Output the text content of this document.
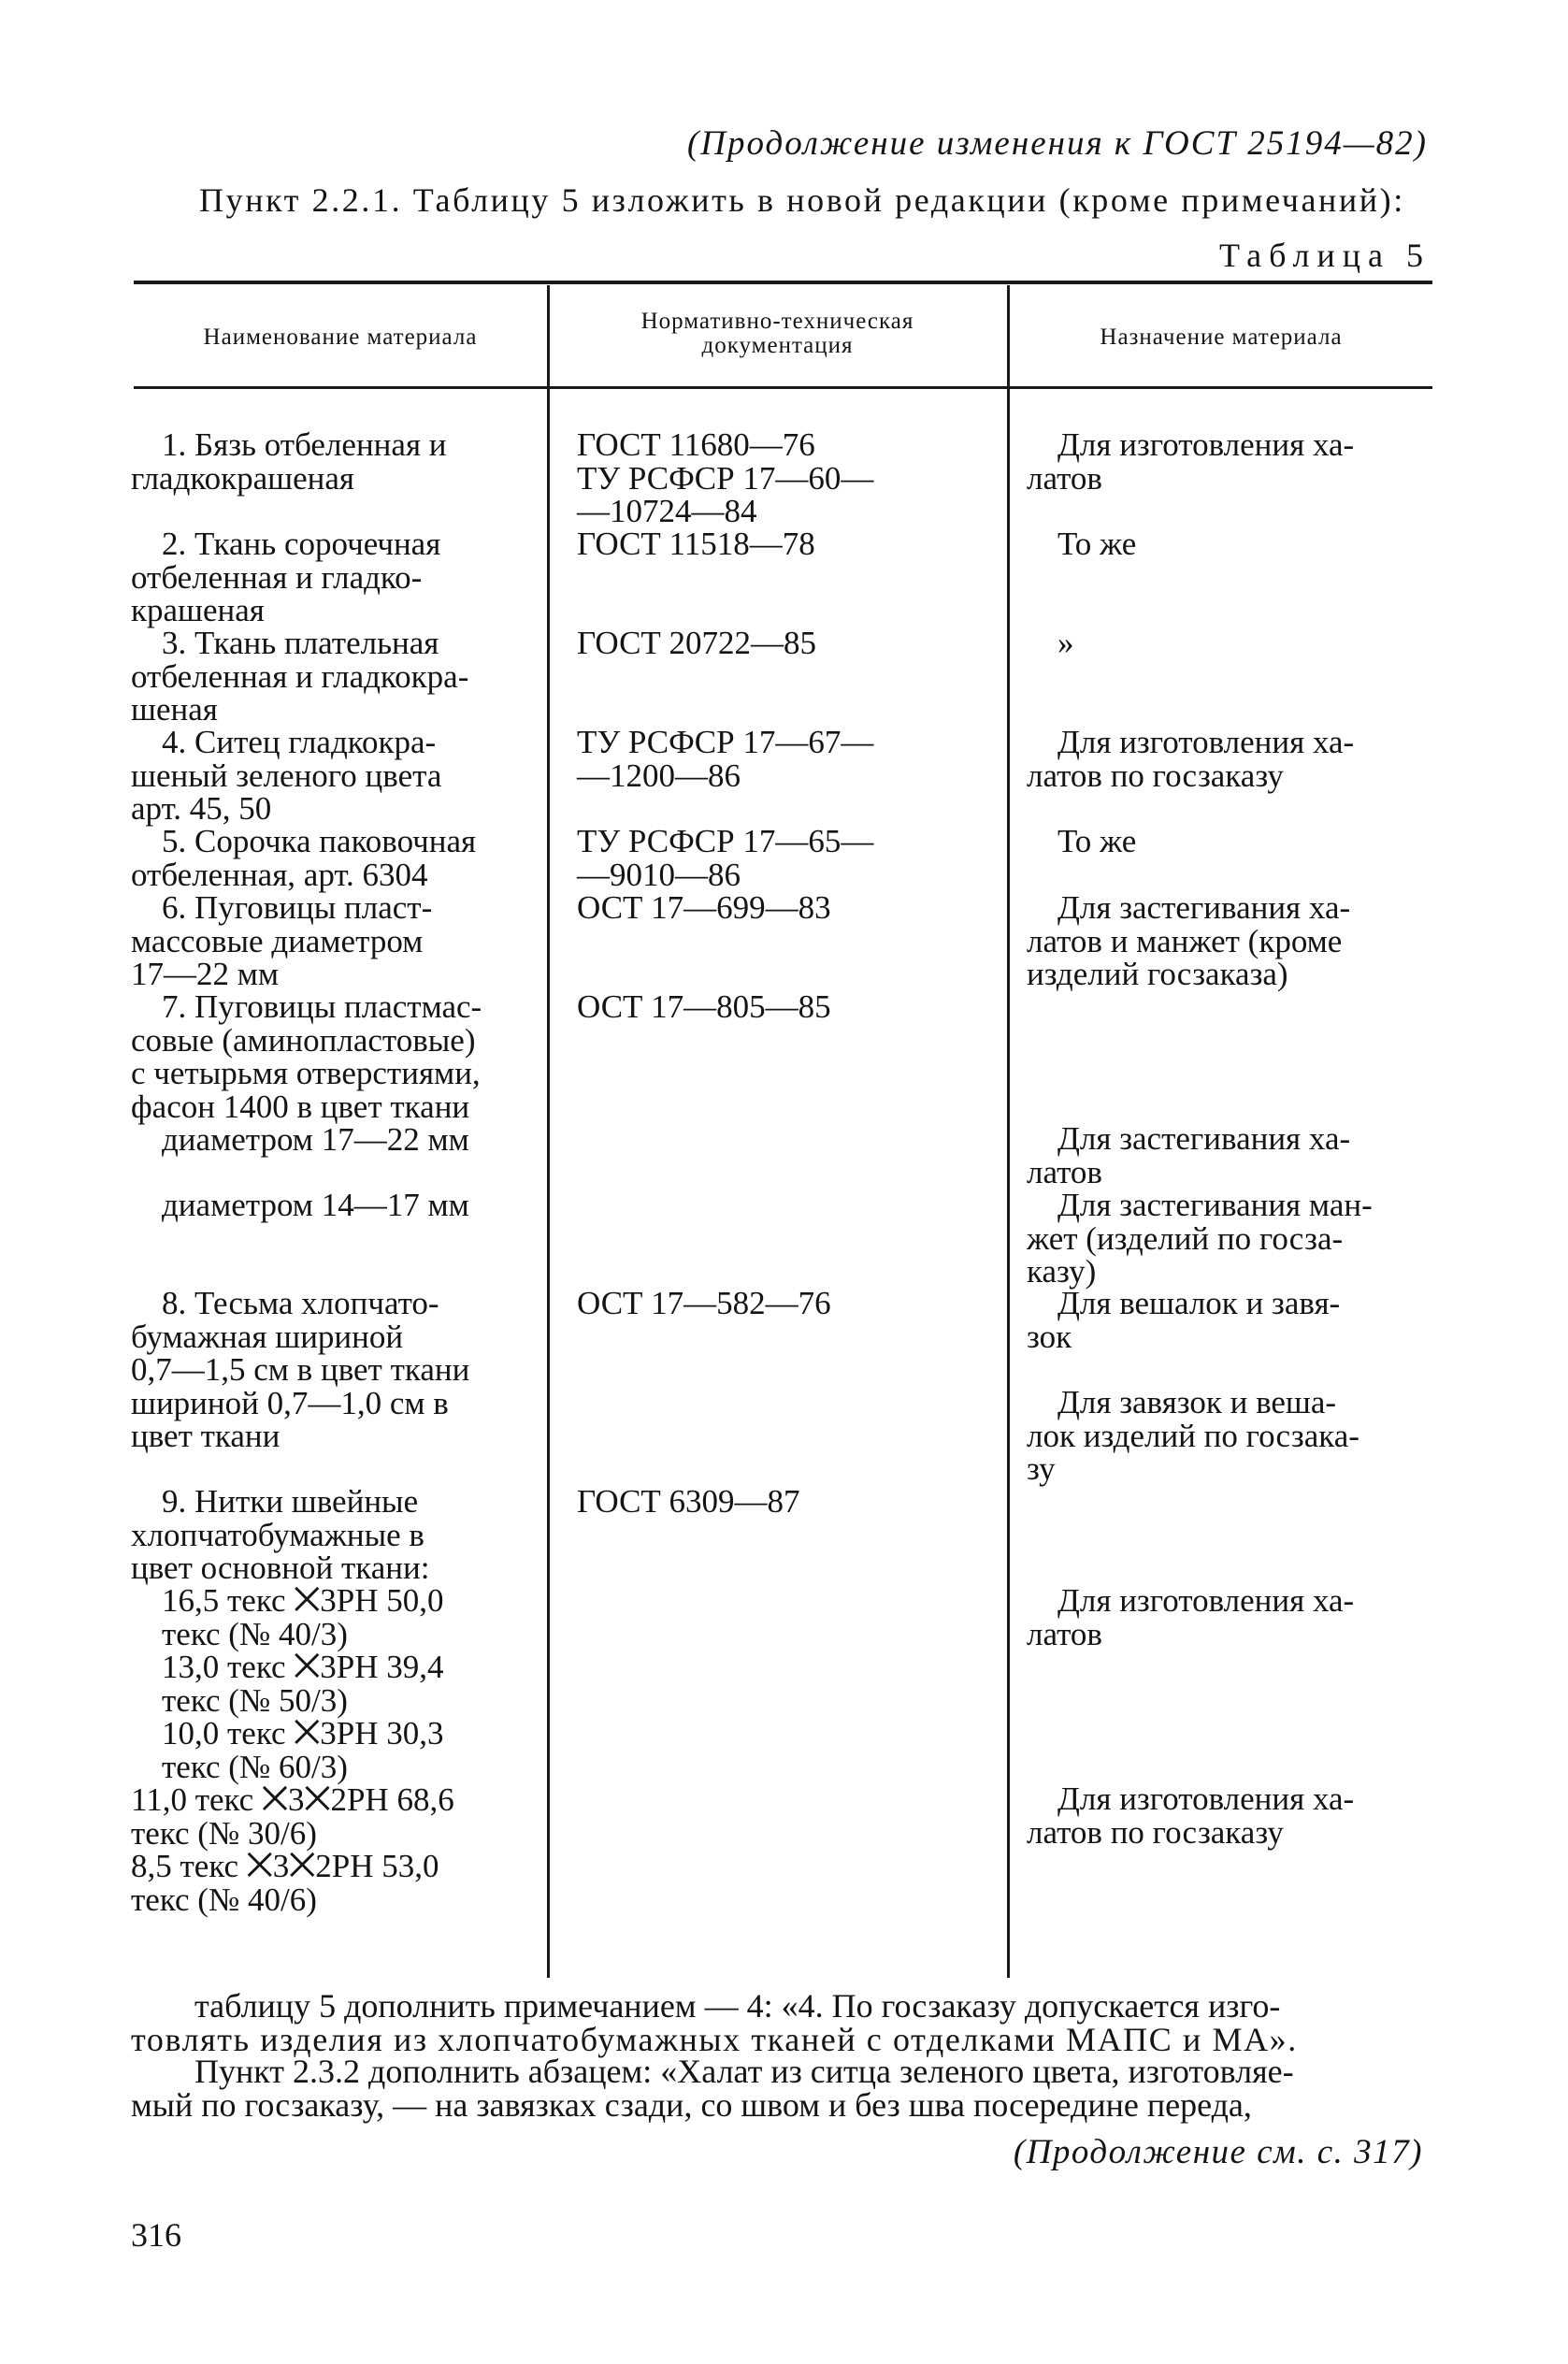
(Продолжение изменения к ГОСТ 25194—82)
Пункт 2.2.1. Таблицу 5 изложить в новой редакции (кроме примечаний):
Таблица 5
Наименование материала
Нормативно-техническая документация	Назначение материала
1. Бязь отбеленная и
гладкокрашеная
2. Ткань сорочечная
отбеленная и гладко-
крашеная
3. Ткань плательная
отбеленная и гладкокра-
шеная
4. Ситец гладкокра-
шеный зеленого цвета
арт. 45, 50
5. Сорочка паковочная
отбеленная, арт. 6304
6. Пуговицы пласт-
массовые диаметром
17—22 мм
7. Пуговицы пластмас-
совые (аминопластовые)
с четырьмя отверстиями,
фасон 1400 в цвет ткани
диаметром 17—22 мм
диаметром 14—17 мм
8. Тесьма хлопчато-
бумажная шириной
0,7—1,5 см в цвет ткани
шириной 0,7—1,0 см в
цвет ткани
9. Нитки швейные
хлопчатобумажные в
цвет основной ткани:
16,5 текс ⨉3РН 50,0
текс (№ 40/3)
13,0 текс ⨉3РН 39,4
текс (№ 50/3)
10,0 текс ⨉3РН 30,3
текс (№ 60/3)
11,0 текс ⨉3⨉2РН 68,6
текс (№ 30/6)
8,5 текс ⨉3⨉2РН 53,0
текс (№ 40/6)
ГОСТ 11680—76
ТУ РСФСР 17—60—
—10724—84
ГОСТ 11518—78
ГОСТ 20722—85
ТУ РСФСР 17—67—
—1200—86
ТУ РСФСР 17—65—
—9010—86
ОСТ 17—699—83
ОСТ 17—805—85
ОСТ 17—582—76
ГОСТ 6309—87
Для изготовления ха-
латов
То же
»
Для изготовления ха-
латов по госзаказу
То же
Для застегивания ха-
латов и манжет (кроме
изделий госзаказа)
Для застегивания ха-
латов
Для застегивания ман-
жет (изделий по госза-
казу)
Для вешалок и завя-
зок
Для завязок и веша-
лок изделий по госзака-
зу
Для изготовления ха-
латов
Для изготовления ха-
латов по госзаказу
таблицу 5 дополнить примечанием — 4: «4. По госзаказу допускается изго-
товлять изделия из хлопчатобумажных тканей с отделками МАПС и МА».
Пункт 2.3.2 дополнить абзацем: «Халат из ситца зеленого цвета, изготовляе-
мый по госзаказу, — на завязках сзади, со швом и без шва посередине переда,
(Продолжение см. с. 317)
316
